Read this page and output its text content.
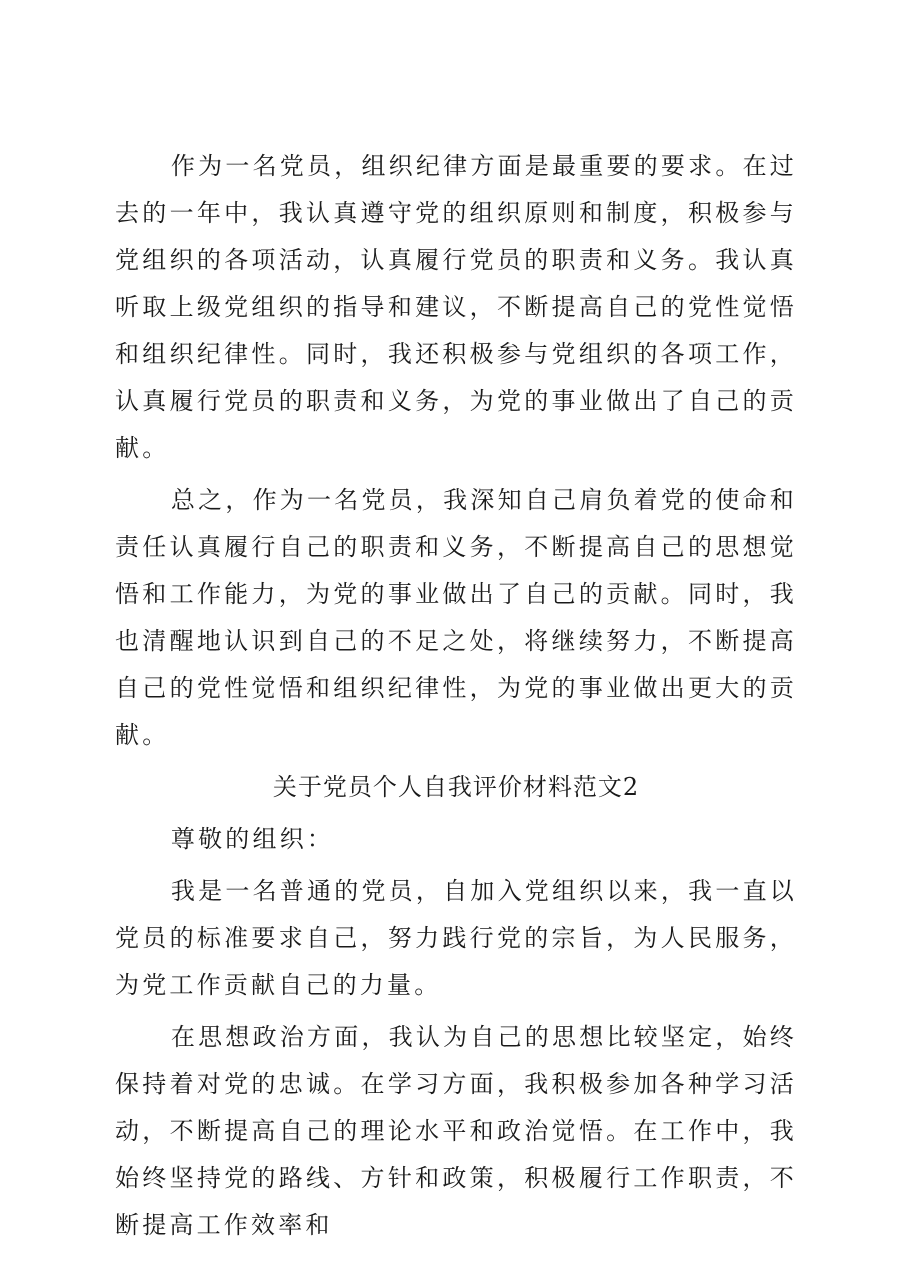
作为一名党员，组织纪律方面是最重要的要求。在过去的一年中，我认真遵守党的组织原则和制度，积极参与党组织的各项活动，认真履行党员的职责和义务。我认真听取上级党组织的指导和建议，不断提高自己的党性觉悟和组织纪律性。同时，我还积极参与党组织的各项工作，认真履行党员的职责和义务，为党的事业做出了自己的贡献。

总之，作为一名党员，我深知自己肩负着党的使命和责任认真履行自己的职责和义务，不断提高自己的思想觉悟和工作能力，为党的事业做出了自己的贡献。同时，我也清醒地认识到自己的不足之处，将继续努力，不断提高自己的党性觉悟和组织纪律性，为党的事业做出更大的贡献。

关于党员个人自我评价材料范文2

尊敬的组织：

我是一名普通的党员，自加入党组织以来，我一直以党员的标准要求自己，努力践行党的宗旨，为人民服务，为党工作贡献自己的力量。

在思想政治方面，我认为自己的思想比较坚定，始终保持着对党的忠诚。在学习方面，我积极参加各种学习活动，不断提高自己的理论水平和政治觉悟。在工作中，我始终坚持党的路线、方针和政策，积极履行工作职责，不断提高工作效率和
